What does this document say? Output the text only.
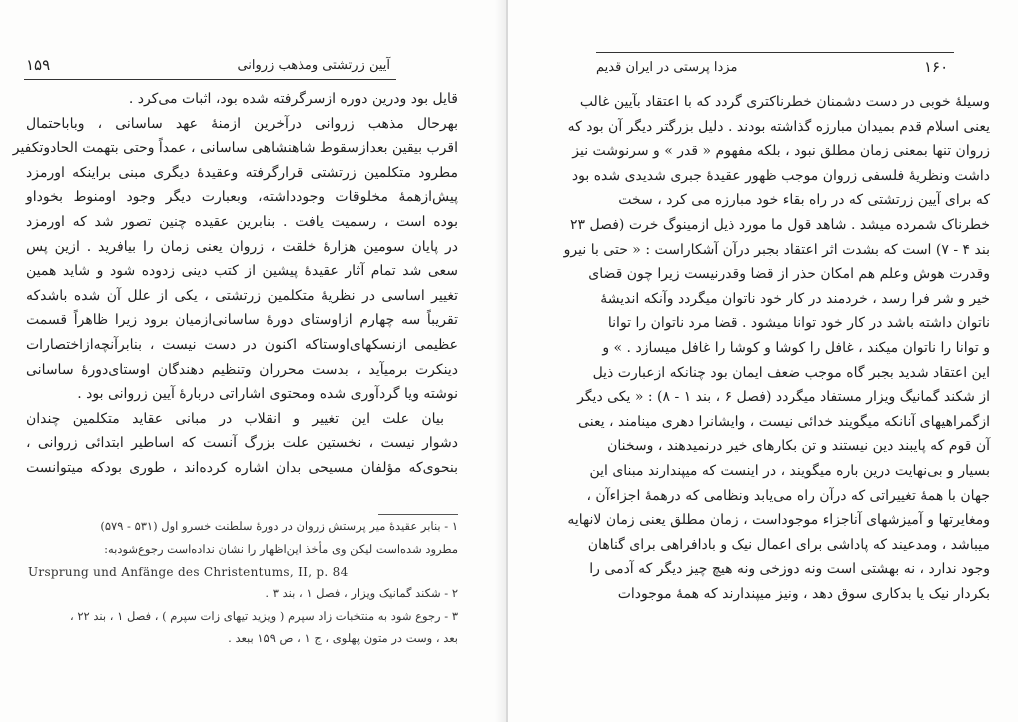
۱۵۹	آیین زرتشتی ومذهب زروانی
قایل بود ودرین دوره ازسرگرفته شده بود، اثبات می‌کرد .
بهرحال مذهب زروانی درآخرین ازمنهٔ عهد ساسانی ، وباباحتمال
اقرب بیقین بعدازسقوط شاهنشاهی ساسانی ، عمداً وحتی بتهمت الحادوتکفیر
مطرود متکلمین زرتشتی قرارگرفته وعقیدهٔ دیگری مبنی براینکه اورمزد
پیش‌ازهمهٔ مخلوقات وجودداشته، وبعبارت دیگر وجود اومنوط بخوداو
بوده است ، رسمیت یافت . بنابرین عقیده چنین تصور شد که اورمزد
در پایان سومین هزارهٔ خلقت ، زروان یعنی زمان را بیافرید . ازین پس
سعی شد تمام آثار عقیدهٔ پیشین از کتب دینی زدوده شود و شاید همین
تغییر اساسی در نظریهٔ متکلمین زرتشتی ، یکی از علل آن شده باشدکه
تقریباً سه چهارم ازاوستای دورهٔ ساسانی‌ازمیان برود زیرا ظاهراً قسمت
عظیمی ازنسکهای‌اوستاکه اکنون در دست نیست ، بنابرآنچه‌ازاختصارات
دینکرت برمیآید ، بدست محرران وتنظیم دهندگان اوستای‌دورهٔ ساسانی
نوشته ویا گردآوری شده ومحتوی اشاراتی دربارهٔ آیین زروانی بود .
بیان علت این تغییر و انقلاب در مبانی عقاید متکلمین چندان
دشوار نیست ، نخستین علت بزرگ آنست که اساطیر ابتدائی زروانی ،
بنحوی‌که مؤلفان مسیحی بدان اشاره کرده‌اند ، طوری بودکه میتوانست
۱ - بنابر عقیدهٔ میر پرستش زروان در دورهٔ سلطنت خسرو اول (۵۳۱ - ۵۷۹)
مطرود شده‌است لیکن وی مأخذ این‌اظهار را نشان نداده‌است رجوع‌شودبه:
Ursprung und Anfänge des Christentums, II, p. 84
۲ - شکند گمانیک ویزار ، فصل ۱ ، بند ۳ .
۳ - رجوع شود به منتخبات زاد سپرم ( ویزید تیهای زات سپرم ) ، فصل ۱ ، بند ۲۲ ،
بعد ، وست در متون پهلوی ، ج ۱ ، ص ۱۵۹ ببعد .
مزدا پرستی در ایران قدیم	۱۶۰
وسیلهٔ خوبی در دست دشمنان خطرناکتری گردد که با اعتقاد بآیین غالب
یعنی اسلام قدم بمیدان مبارزه گذاشته بودند . دلیل بزرگتر دیگر آن بود که
زروان تنها بمعنی زمان مطلق نبود ، بلکه مفهوم « قدر » و سرنوشت نیز
داشت ونظریهٔ فلسفی زروان موجب ظهور عقیدهٔ جبری شدیدی شده بود
که برای آیین زرتشتی که در راه بقاء خود مبارزه می کرد ، سخت
خطرناک شمرده میشد . شاهد قول ما مورد ذیل ازمینوگ‌ خرت (فصل ۲۳
بند ۴ - ۷) است که بشدت اثر اعتقاد بجبر درآن آشکاراست : « حتی با نیرو
وقدرت هوش وعلم هم امکان حذر از قضا وقدرنیست زیرا چون قضای
خیر و شر فرا رسد ، خردمند در کار خود ناتوان میگردد وآنکه اندیشهٔ
ناتوان داشته باشد در کار خود توانا میشود . قضا مرد ناتوان را توانا
و توانا را ناتوان میکند ، غافل را کوشا و کوشا را غافل میسازد . » و
این اعتقاد شدید بجبر گاه موجب ضعف ایمان بود چنانکه ازعبارت ذیل
از شکند گمانیگ ویزار مستفاد میگردد (فصل ۶ ، بند ۱ - ۸) : « یکی دیگر
ازگمراهیهای آنانکه میگویند خدائی نیست ، وایشانرا دهری مینامند ، یعنی
آن قوم که پایبند دین نیستند و تن بکارهای خیر درنمیدهند ، وسخنان
بسیار و بی‌نهایت درین باره میگویند ، در اینست که میپندارند مبنای این
جهان با همهٔ تغییراتی که درآن راه می‌یابد ونظامی که درهمهٔ اجزاءآن ،
ومغایرتها و آمیزشهای آناجزاء موجوداست ، زمان مطلق یعنی زمان لانهایه
میباشد ، ومدعیند که پاداشی برای اعمال نیک و بادافراهی برای گناهان
وجود ندارد ، نه بهشتی است ونه دوزخی ونه هیچ چیز دیگر که آدمی را
بکردار نیک یا بدکاری سوق دهد ، ونیز میپندارند که همهٔ موجودات
